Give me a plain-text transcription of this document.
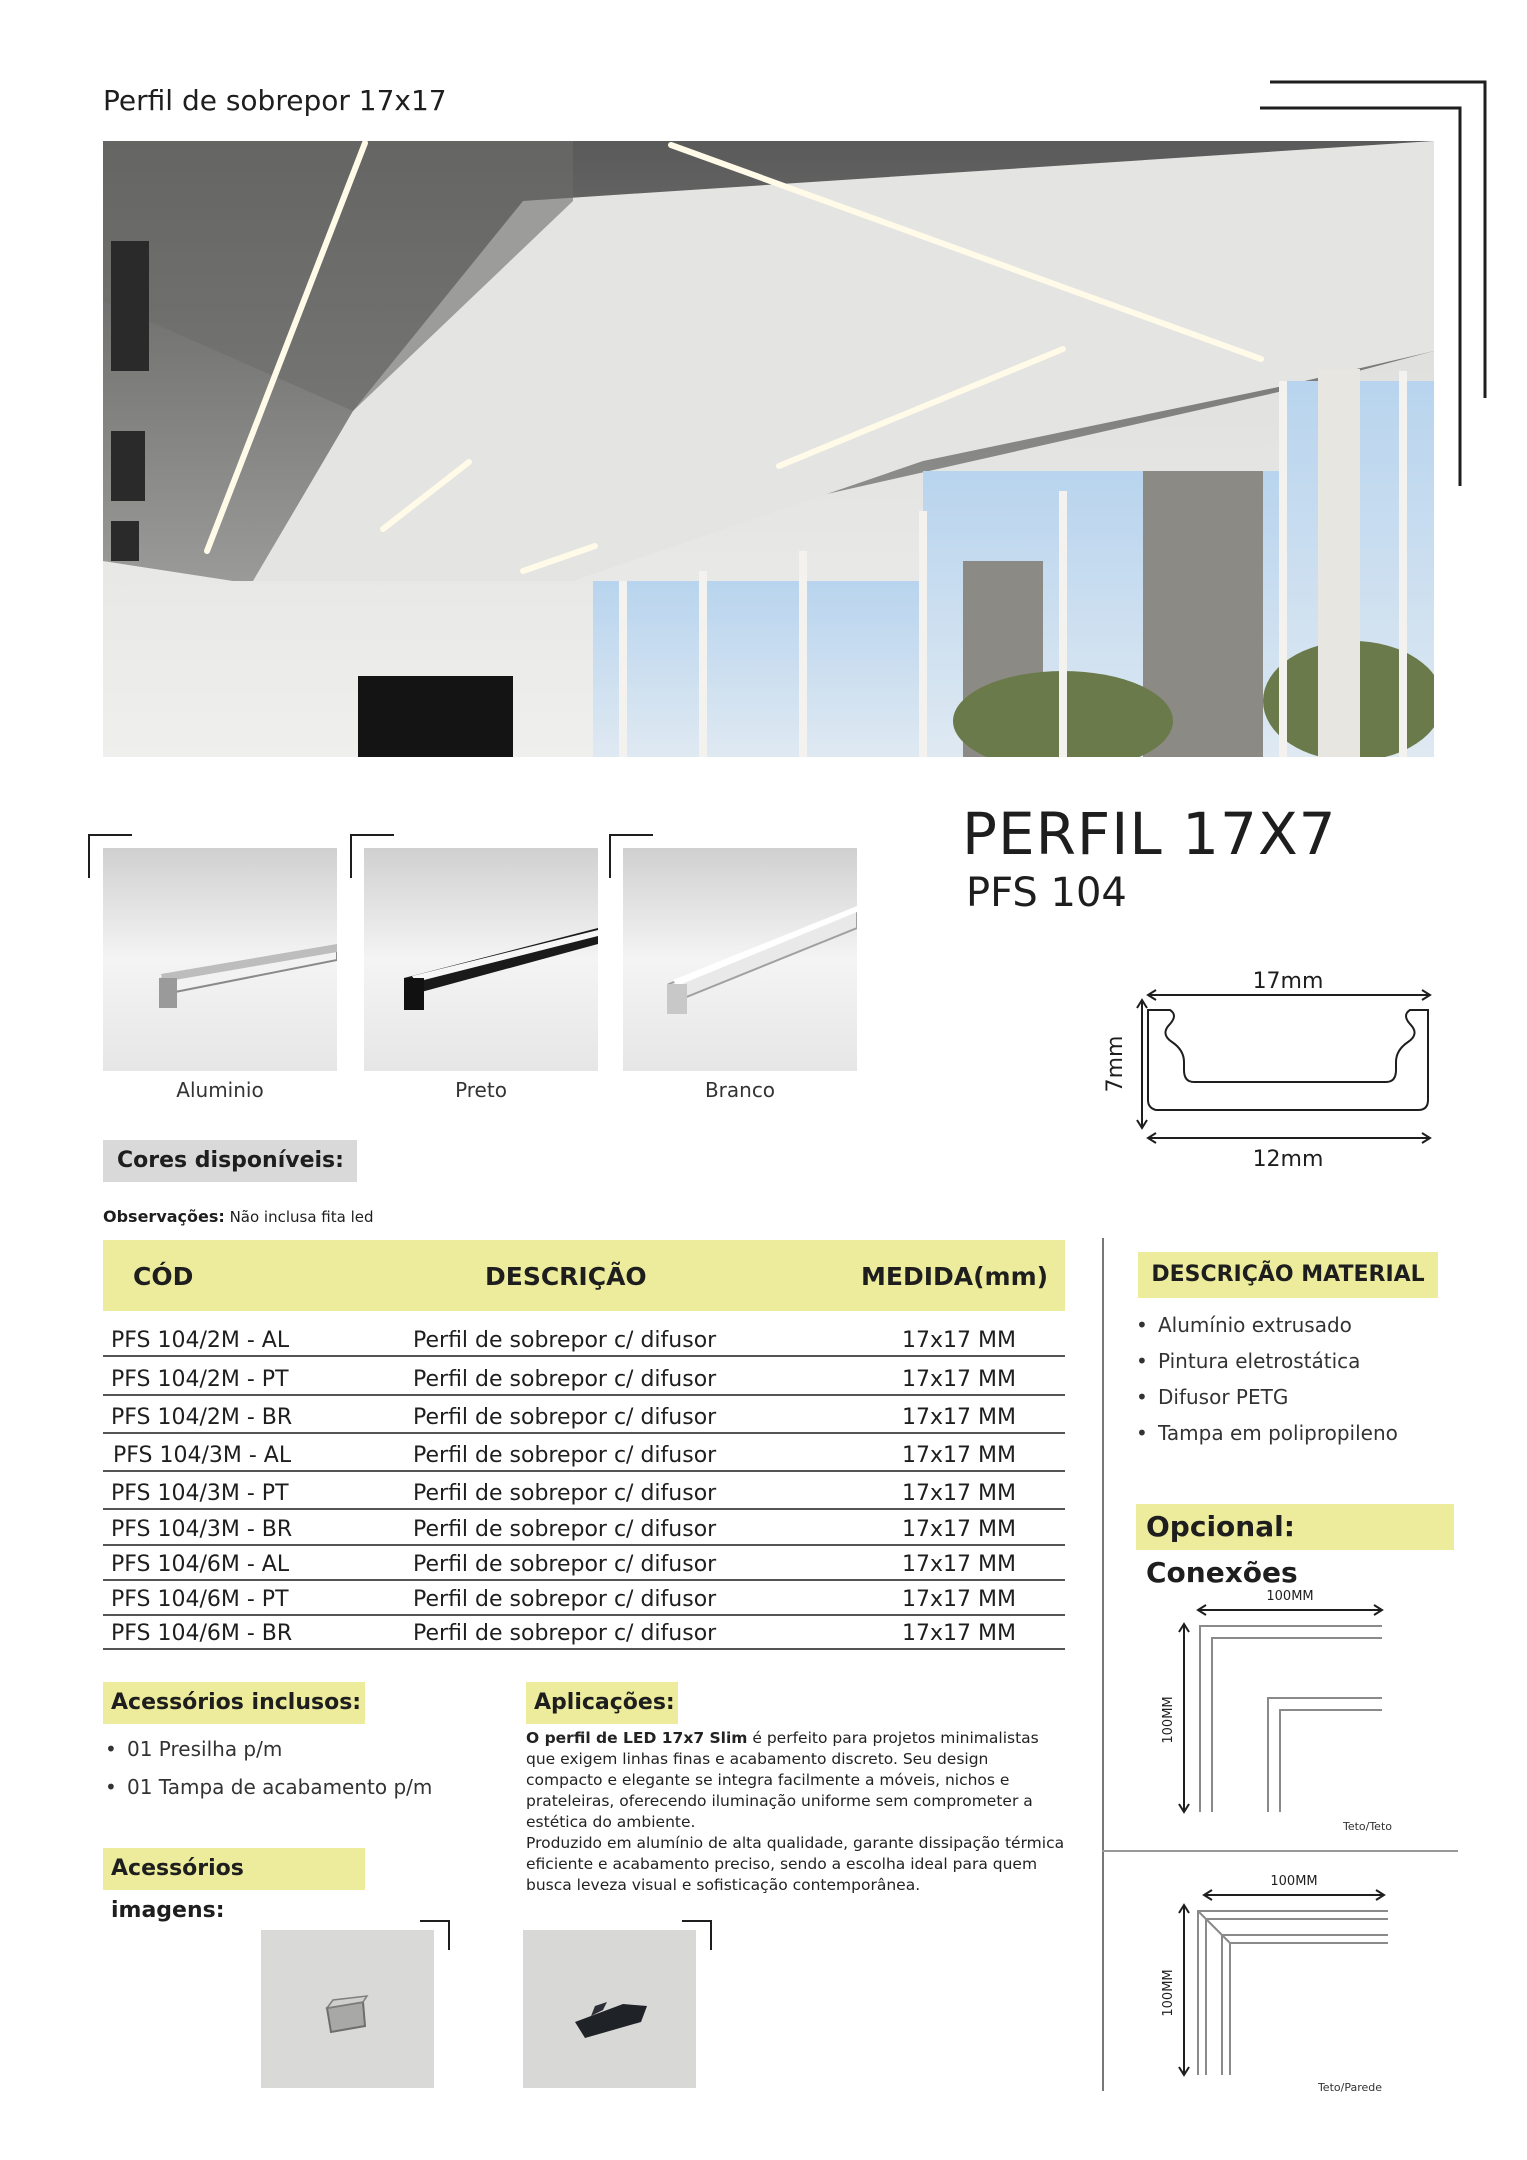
Perfil de sobrepor 17x17
Aluminio	Preto	Branco
PERFIL 17X7
PFS 104
17mm
12mm
7mm
Cores disponíveis:
Observações: Não inclusa fita led
CÓD	DESCRIÇÃO	MEDIDA(mm)
PFS 104/2M - AL	Perfil de sobrepor c/ difusor	17x17 MM
PFS 104/2M - PT	Perfil de sobrepor c/ difusor	17x17 MM
PFS 104/2M - BR	Perfil de sobrepor c/ difusor	17x17 MM
PFS 104/3M - AL	Perfil de sobrepor c/ difusor	17x17 MM
PFS 104/3M - PT	Perfil de sobrepor c/ difusor	17x17 MM
PFS 104/3M - BR	Perfil de sobrepor c/ difusor	17x17 MM
PFS 104/6M - AL	Perfil de sobrepor c/ difusor	17x17 MM
PFS 104/6M - PT	Perfil de sobrepor c/ difusor	17x17 MM
PFS 104/6M - BR	Perfil de sobrepor c/ difusor	17x17 MM
DESCRIÇÃO MATERIAL
• Alumínio extrusado
• Pintura eletrostática
• Difusor PETG
• Tampa em polipropileno
Opcional: Conexões
100MM
100MM
Teto/Teto
100MM
100MM
Teto/Parede
Acessórios inclusos:
• 01 Presilha p/m
• 01 Tampa de acabamento p/m
Acessórios imagens:
Aplicações:
O perfil de LED 17x7 Slim é perfeito para projetos minimalistas que exigem linhas finas e acabamento discreto. Seu design compacto e elegante se integra facilmente a móveis, nichos e prateleiras, oferecendo iluminação uniforme sem comprometer a estética do ambiente.
Produzido em alumínio de alta qualidade, garante dissipação térmica eficiente e acabamento preciso, sendo a escolha ideal para quem busca leveza visual e sofisticação contemporânea.
